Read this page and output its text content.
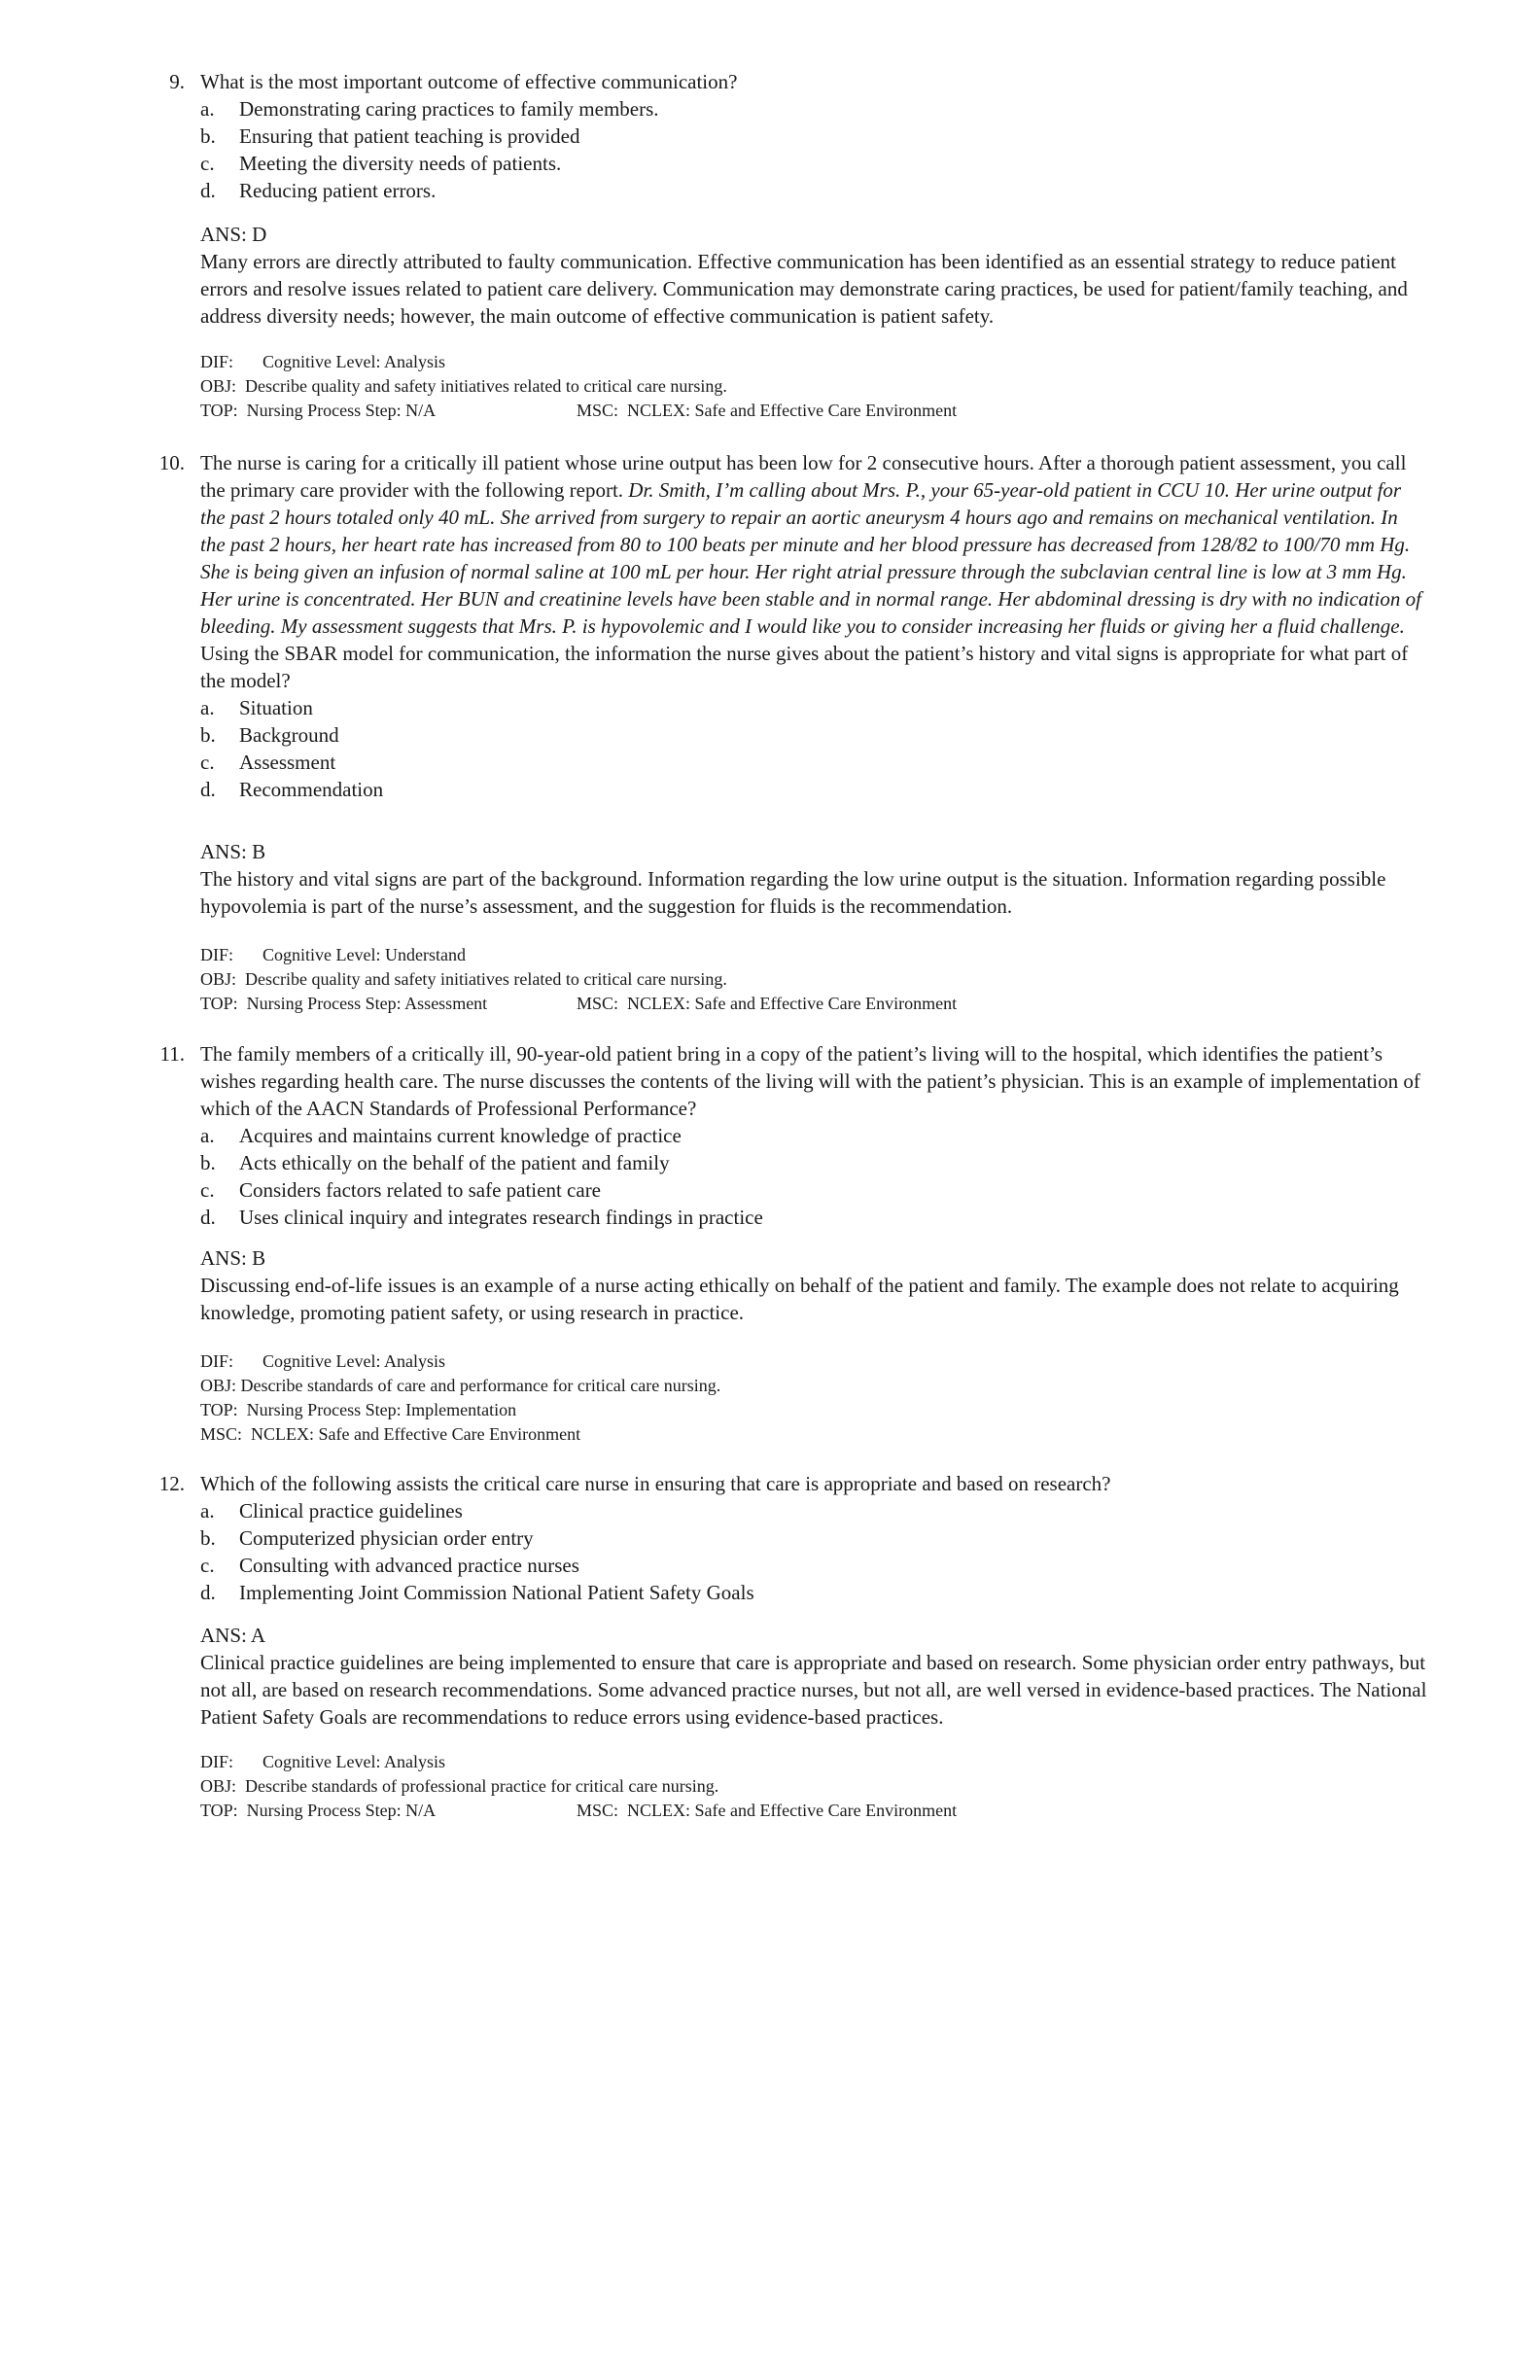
9. What is the most important outcome of effective communication?

a.	Demonstrating caring practices to family members.
b.	Ensuring that patient teaching is provided
c.	Meeting the diversity needs of patients.
d.	Reducing patient errors.

ANS: D

Many errors are directly attributed to faulty communication. Effective communication has been identified as an essential strategy to reduce patient errors and resolve issues related to patient care delivery. Communication may demonstrate caring practices, be used for patient/family teaching, and address diversity needs; however, the main outcome of effective communication is patient safety.

DIF: Cognitive Level: Analysis

OBJ:  Describe quality and safety initiatives related to critical care nursing.

TOP:  Nursing Process Step: N/A	MSC:  NCLEX: Safe and Effective Care Environment

10. The nurse is caring for a critically ill patient whose urine output has been low for 2 consecutive hours. After a thorough patient assessment, you call the primary care provider with the following report. Dr. Smith, I’m calling about Mrs. P., your 65-year-old patient in CCU 10. Her urine output for the past 2 hours totaled only 40 mL. She arrived from surgery to repair an aortic aneurysm 4 hours ago and remains on mechanical ventilation. In the past 2 hours, her heart rate has increased from 80 to 100 beats per minute and her blood pressure has decreased from 128/82 to 100/70 mm Hg. She is being given an infusion of normal saline at 100 mL per hour. Her right atrial pressure through the subclavian central line is low at 3 mm Hg. Her urine is concentrated. Her BUN and creatinine levels have been stable and in normal range. Her abdominal dressing is dry with no indication of bleeding. My assessment suggests that Mrs. P. is hypovolemic and I would like you to consider increasing her fluids or giving her a fluid challenge. Using the SBAR model for communication, the information the nurse gives about the patient’s history and vital signs is appropriate for what part of the model?

a.	Situation
b.	Background
c.	Assessment
d.	Recommendation

ANS: B

The history and vital signs are part of the background. Information regarding the low urine output is the situation. Information regarding possible hypovolemia is part of the nurse’s assessment, and the suggestion for fluids is the recommendation.

DIF: Cognitive Level: Understand

OBJ:  Describe quality and safety initiatives related to critical care nursing.

TOP:  Nursing Process Step: Assessment	MSC:  NCLEX: Safe and Effective Care Environment

11. The family members of a critically ill, 90-year-old patient bring in a copy of the patient’s living will to the hospital, which identifies the patient’s wishes regarding health care. The nurse discusses the contents of the living will with the patient’s physician. This is an example of implementation of which of the AACN Standards of Professional Performance?

a.	Acquires and maintains current knowledge of practice
b.	Acts ethically on the behalf of the patient and family
c.	Considers factors related to safe patient care
d.	Uses clinical inquiry and integrates research findings in practice

ANS: B

Discussing end-of-life issues is an example of a nurse acting ethically on behalf of the patient and family. The example does not relate to acquiring knowledge, promoting patient safety, or using research in practice.

DIF: Cognitive Level: Analysis

OBJ: Describe standards of care and performance for critical care nursing.

TOP:  Nursing Process Step: Implementation

MSC:  NCLEX: Safe and Effective Care Environment

12. Which of the following assists the critical care nurse in ensuring that care is appropriate and based on research?

a.	Clinical practice guidelines
b.	Computerized physician order entry
c.	Consulting with advanced practice nurses
d.	Implementing Joint Commission National Patient Safety Goals

ANS: A

Clinical practice guidelines are being implemented to ensure that care is appropriate and based on research. Some physician order entry pathways, but not all, are based on research recommendations. Some advanced practice nurses, but not all, are well versed in evidence-based practices. The National Patient Safety Goals are recommendations to reduce errors using evidence-based practices.

DIF: Cognitive Level: Analysis

OBJ:  Describe standards of professional practice for critical care nursing.

TOP:  Nursing Process Step: N/A	MSC:  NCLEX: Safe and Effective Care Environment
